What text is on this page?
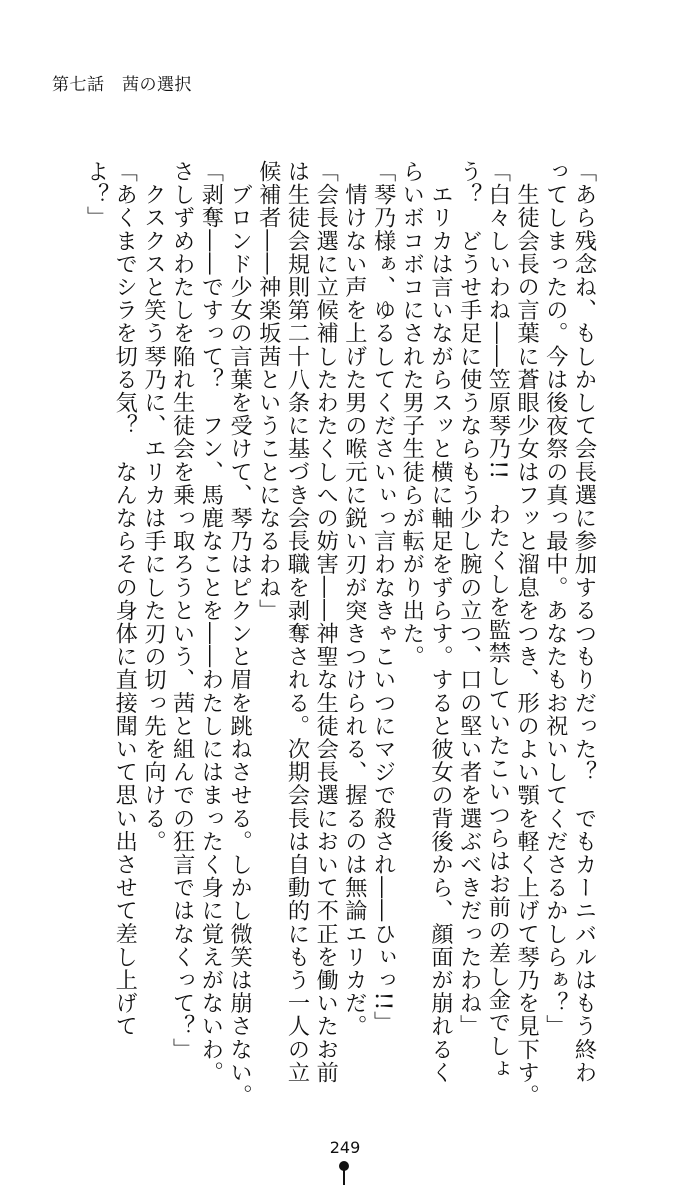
第七話　茜の選択
「あら残念ね、もしかして会長選に参加するつもりだった？　でもカーニバルはもう終わ
ってしまったの。今は後夜祭の真っ最中。あなたもお祝いしてくださるかしらぁ？」
　生徒会長の言葉に蒼眼少女はフッと溜息をつき、形のよい顎を軽く上げて琴乃を見下す。
「白々しいわね――笠原琴乃!!　わたくしを監禁していたこいつらはお前の差し金でしょ
う？　どうせ手足に使うならもう少し腕の立つ、口の堅い者を選ぶべきだったわね」
　エリカは言いながらスッと横に軸足をずらす。すると彼女の背後から、顔面が崩れるく
らいボコボコにされた男子生徒らが転がり出た。
「琴乃様ぁ、ゆるしてくださいぃっ言わなきゃこいつにマジで殺され――ひぃっ!!」
　情けない声を上げた男の喉元に鋭い刃が突きつけられる、握るのは無論エリカだ。
「会長選に立候補したわたくしへの妨害――神聖な生徒会長選において不正を働いたお前
は生徒会規則第二十八条に基づき会長職を剥奪される。次期会長は自動的にもう一人の立
候補者――神楽坂茜ということになるわね」
　ブロンド少女の言葉を受けて、琴乃はピクンと眉を跳ねさせる。しかし微笑は崩さない。
「剥奪――ですって？　フン、馬鹿なことを――わたしにはまったく身に覚えがないわ。
さしずめわたしを陥れ生徒会を乗っ取ろうという、茜と組んでの狂言ではなくって？」
　クスクスと笑う琴乃に、エリカは手にした刃の切っ先を向ける。
「あくまでシラを切る気？　なんならその身体に直接聞いて思い出させて差し上げて
よ？」
249
